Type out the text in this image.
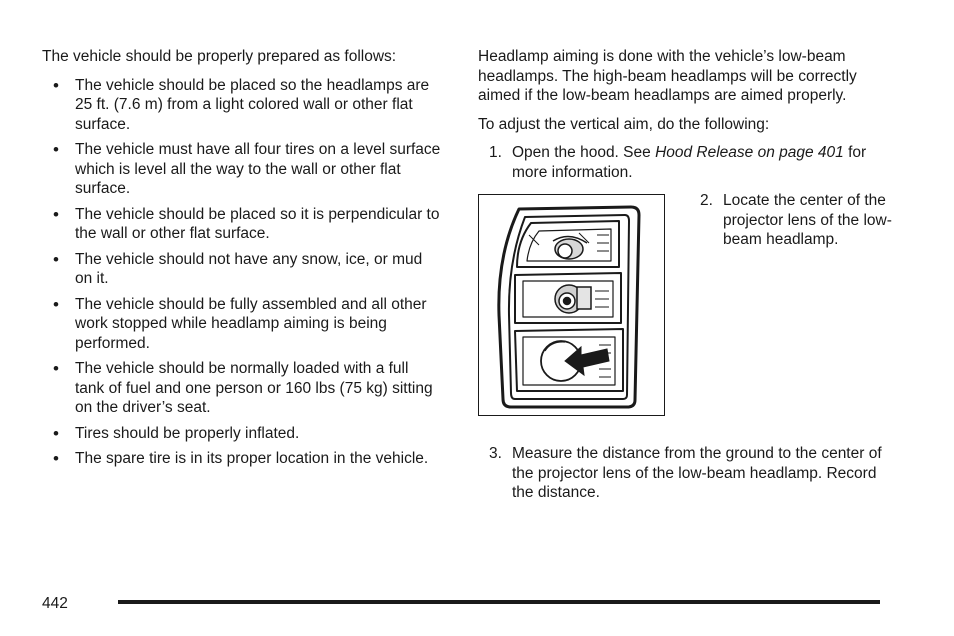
The vehicle should be properly prepared as follows:

• The vehicle should be placed so the headlamps are 25 ft. (7.6 m) from a light colored wall or other flat surface.
• The vehicle must have all four tires on a level surface which is level all the way to the wall or other flat surface.
• The vehicle should be placed so it is perpendicular to the wall or other flat surface.
• The vehicle should not have any snow, ice, or mud on it.
• The vehicle should be fully assembled and all other work stopped while headlamp aiming is being performed.
• The vehicle should be normally loaded with a full tank of fuel and one person or 160 lbs (75 kg) sitting on the driver’s seat.
• Tires should be properly inflated.
• The spare tire is in its proper location in the vehicle.

Headlamp aiming is done with the vehicle’s low-beam headlamps. The high-beam headlamps will be correctly aimed if the low-beam headlamps are aimed properly.

To adjust the vertical aim, do the following:

1. Open the hood. See Hood Release on page 401 for more information.
2. Locate the center of the projector lens of the low-beam headlamp.
3. Measure the distance from the ground to the center of the projector lens of the low-beam headlamp. Record the distance.
442
